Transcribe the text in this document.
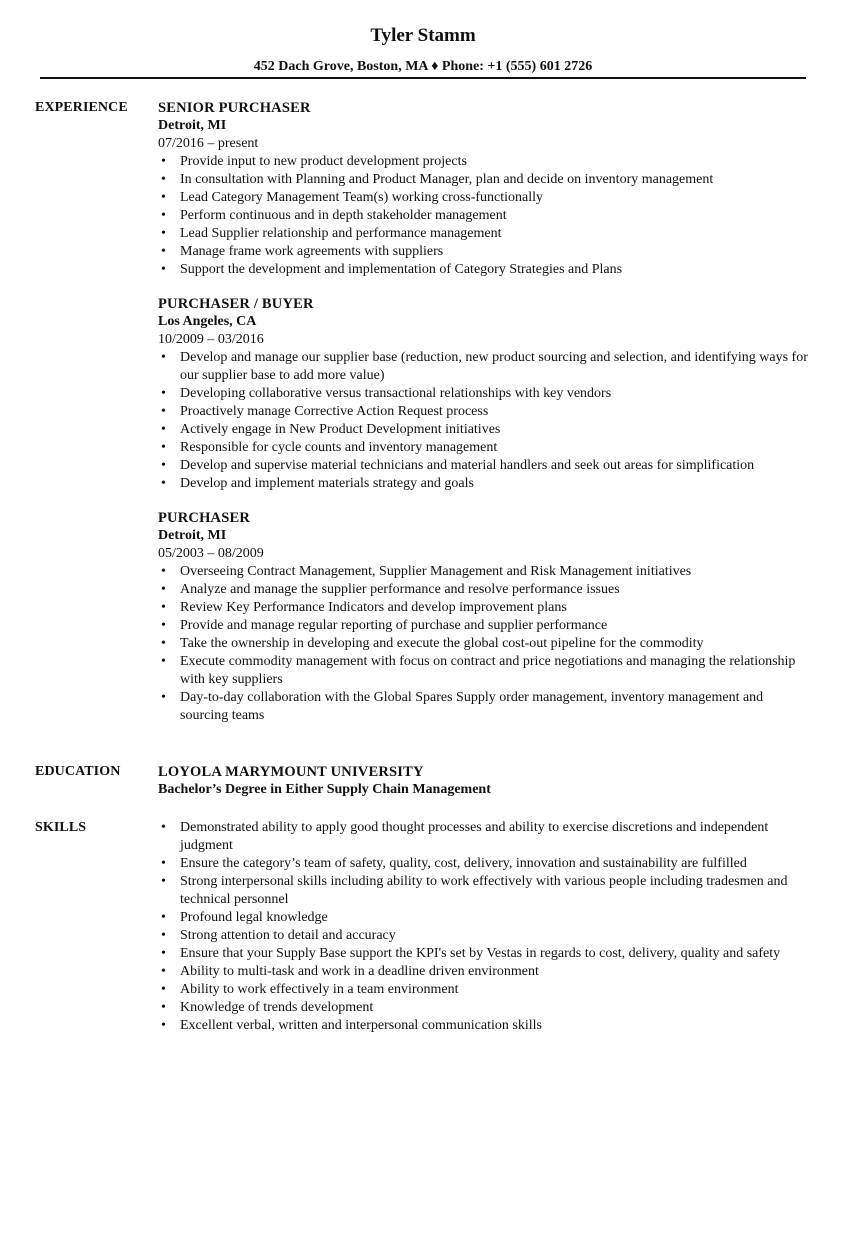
Tyler Stamm
452 Dach Grove, Boston, MA ♦ Phone: +1 (555) 601 2726
EXPERIENCE SENIOR PURCHASER
Detroit, MI
07/2016 – present
• Provide input to new product development projects
• In consultation with Planning and Product Manager, plan and decide on inventory management
• Lead Category Management Team(s) working cross-functionally
• Perform continuous and in depth stakeholder management
• Lead Supplier relationship and performance management
• Manage frame work agreements with suppliers
• Support the development and implementation of Category Strategies and Plans
PURCHASER / BUYER
Los Angeles, CA
10/2009 – 03/2016
• Develop and manage our supplier base (reduction, new product sourcing and selection, and identifying ways for our supplier base to add more value)
• Developing collaborative versus transactional relationships with key vendors
• Proactively manage Corrective Action Request process
• Actively engage in New Product Development initiatives
• Responsible for cycle counts and inventory management
• Develop and supervise material technicians and material handlers and seek out areas for simplification
• Develop and implement materials strategy and goals
PURCHASER
Detroit, MI
05/2003 – 08/2009
• Overseeing Contract Management, Supplier Management and Risk Management initiatives
• Analyze and manage the supplier performance and resolve performance issues
• Review Key Performance Indicators and develop improvement plans
• Provide and manage regular reporting of purchase and supplier performance
• Take the ownership in developing and execute the global cost-out pipeline for the commodity
• Execute commodity management with focus on contract and price negotiations and managing the relationship with key suppliers
• Day-to-day collaboration with the Global Spares Supply order management, inventory management and sourcing teams
EDUCATION	LOYOLA MARYMOUNT UNIVERSITY
Bachelor’s Degree in Either Supply Chain Management
SKILLS
•	Demonstrated ability to apply good thought processes and ability to exercise discretions and independent judgment
• Ensure the category’s team of safety, quality, cost, delivery, innovation and sustainability are fulfilled
• Strong interpersonal skills including ability to work effectively with various people including tradesmen and technical personnel
• Profound legal knowledge
• Strong attention to detail and accuracy
• Ensure that your Supply Base support the KPI's set by Vestas in regards to cost, delivery, quality and safety
• Ability to multi-task and work in a deadline driven environment
• Ability to work effectively in a team environment
• Knowledge of trends development
• Excellent verbal, written and interpersonal communication skills
